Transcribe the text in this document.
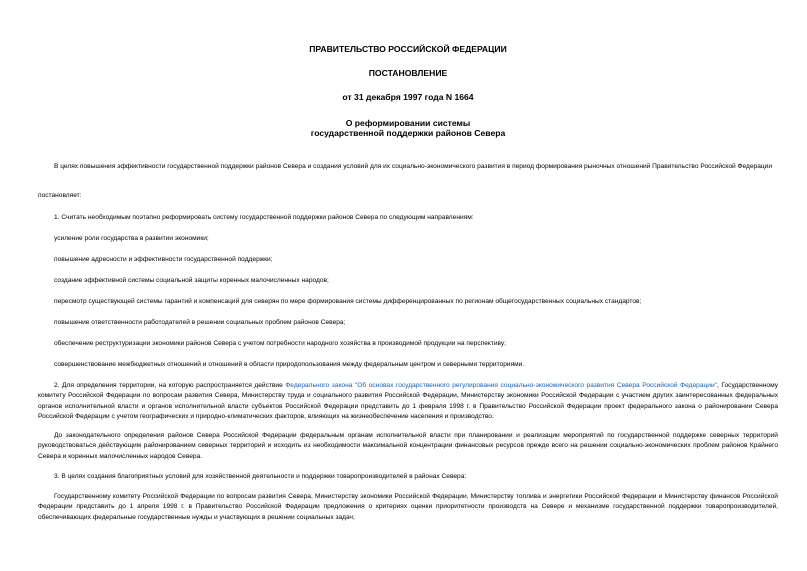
ПРАВИТЕЛЬСТВО РОССИЙСКОЙ ФЕДЕРАЦИИ
ПОСТАНОВЛЕНИЕ
от 31 декабря 1997 года N 1664
О реформировании системы
государственной поддержки районов Севера
В целях повышения эффективности государственной поддержки районов Севера и создания условий для их социально-экономического развития в период формирования рыночных отношений Правительство Российской Федерации
постановляет:
1. Считать необходимым поэтапно реформировать систему государственной поддержки районов Севера по следующим направлениям:
усиление роли государства в развитии экономики;
повышение адресности и эффективности государственной поддержки;
создание эффективной системы социальной защиты коренных малочисленных народов;
пересмотр существующей системы гарантий и компенсаций для северян по мере формирования системы дифференцированных по регионам общегосударственных социальных стандартов;
повышение ответственности работодателей в решении социальных проблем районов Севера;
обеспечение реструктуризации экономики районов Севера с учетом потребности народного хозяйства в производимой продукции на перспективу;
совершенствование межбюджетных отношений и отношений в области природопользования между федеральным центром и северными территориями.
2. Для определения территории, на которую распространяется действие Федерального закона "Об основах государственного регулирования социально-экономического развития Севера Российской Федерации", Государственному комитету Российской Федерации по вопросам развития Севера, Министерству труда и социального развития Российской Федерации, Министерству экономики Российской Федерации с участием других заинтересованных федеральных органов исполнительной власти и органов исполнительной власти субъектов Российской Федерации представить до 1 февраля 1998 г. в Правительство Российской Федерации проект федерального закона о районировании Севера Российской Федерации с учетом географических и природно-климатических факторов, влияющих на жизнеобеспечение населения и производство.
До законодательного определения районов Севера Российской Федерации федеральным органам исполнительной власти при планировании и реализации мероприятий по государственной поддержке северных территорий руководствоваться действующим районированием северных территорий и исходить из необходимости максимальной концентрации финансовых ресурсов прежде всего на решении социально-экономических проблем районов Крайнего Севера и коренных малочисленных народов Севера.
3. В целях создания благоприятных условий для хозяйственной деятельности и поддержки товаропроизводителей в районах Севера:
Государственному комитету Российской Федерации по вопросам развития Севера, Министерству экономики Российской Федерации, Министерству топлива и энергетики Российской Федерации и Министерству финансов Российской Федерации представить до 1 апреля 1998 г. в Правительство Российской Федерации предложения о критериях оценки приоритетности производств на Севере и механизме государственной поддержки товаропроизводителей, обеспечивающих федеральные государственные нужды и участвующих в решении социальных задач;
